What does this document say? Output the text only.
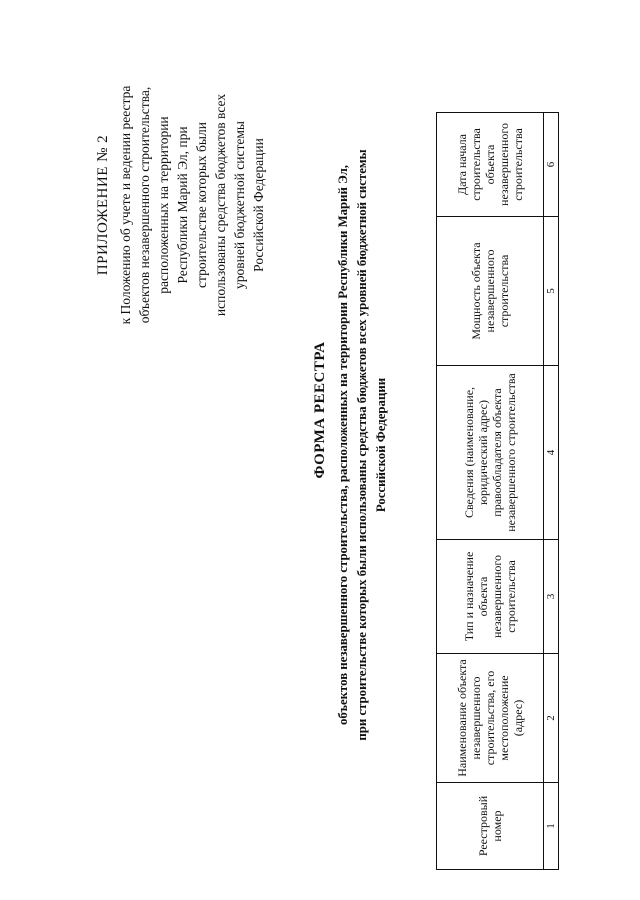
ПРИЛОЖЕНИЕ № 2 к Положению об учете и ведении реестра объектов незавершенного строительства, расположенных на территории Республики Марий Эл, при строительстве которых были использованы средства бюджетов всех уровней бюджетной системы Российской Федерации
ФОРМА РЕЕСТРА объектов незавершенного строительства, расположенных на территории Республики Марий Эл, при строительстве которых были использованы средства бюджетов всех уровней бюджетной системы Российской Федерации
Реестровый номер	Наименование объекта незавершенного строительства, его местоположение (адрес)	Тип и назначение объекта незавершенного строительства	Сведения (наименование, юридический адрес) правообладателя объекта незавершенного строительства	Мощность объекта незавершенного строительства	Дата начала строительства объекта незавершенного строительства
1	2	3	4	5	6
